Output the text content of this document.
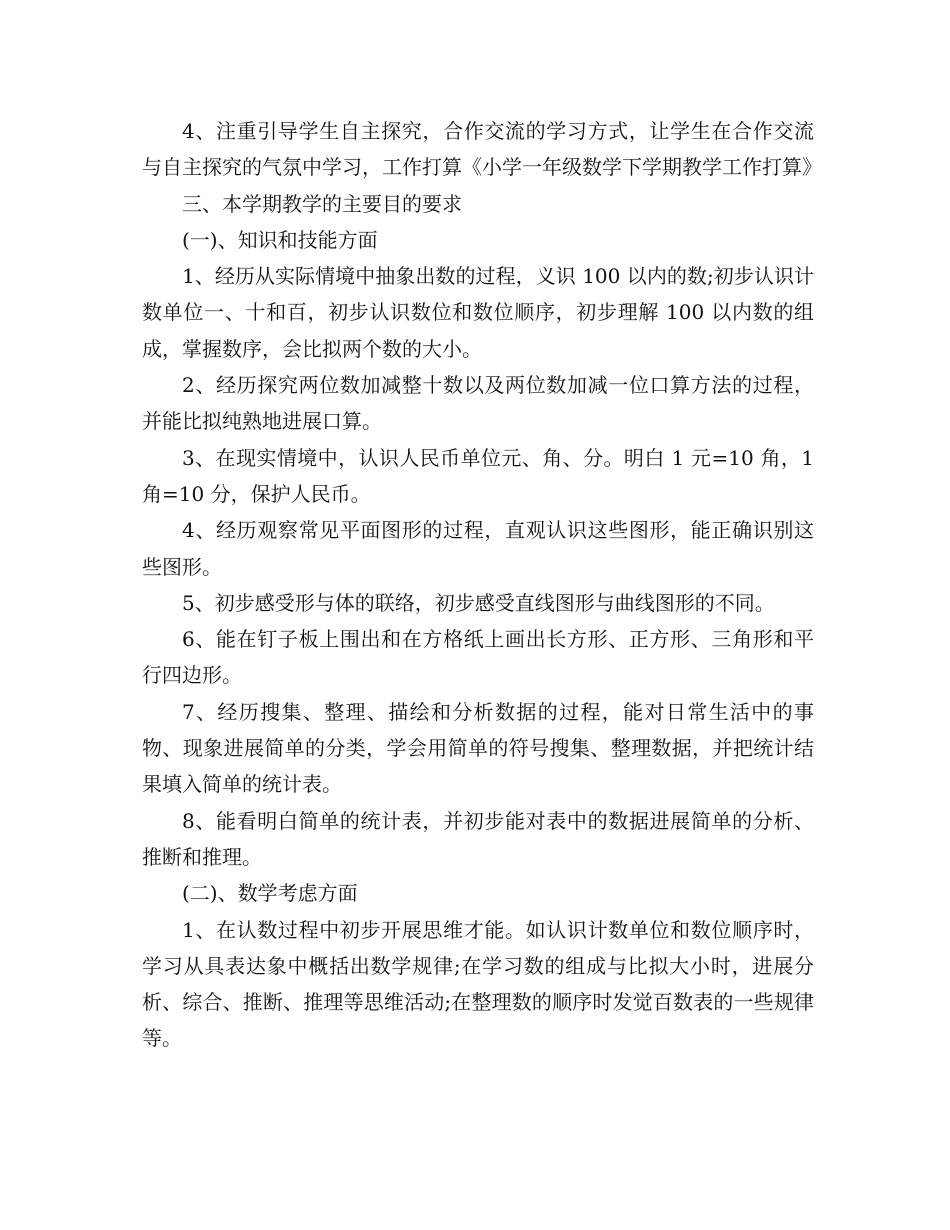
4、注重引导学生自主探究，合作交流的学习方式，让学生在合作交流与自主探究的气氛中学习，工作打算《小学一年级数学下学期教学工作打算》

三、本学期教学的主要目的要求

(一)、知识和技能方面

1、经历从实际情境中抽象出数的过程，义识 100 以内的数;初步认识计数单位一、十和百，初步认识数位和数位顺序，初步理解 100 以内数的组成，掌握数序，会比拟两个数的大小。

2、经历探究两位数加减整十数以及两位数加减一位口算方法的过程，并能比拟纯熟地进展口算。

3、在现实情境中，认识人民币单位元、角、分。明白 1 元=10 角，1 角=10 分，保护人民币。

4、经历观察常见平面图形的过程，直观认识这些图形，能正确识别这些图形。

5、初步感受形与体的联络，初步感受直线图形与曲线图形的不同。

6、能在钉子板上围出和在方格纸上画出长方形、正方形、三角形和平行四边形。

7、经历搜集、整理、描绘和分析数据的过程，能对日常生活中的事物、现象进展简单的分类，学会用简单的符号搜集、整理数据，并把统计结果填入简单的统计表。

8、能看明白简单的统计表，并初步能对表中的数据进展简单的分析、推断和推理。

(二)、数学考虑方面

1、在认数过程中初步开展思维才能。如认识计数单位和数位顺序时，学习从具表达象中概括出数学规律;在学习数的组成与比拟大小时，进展分析、综合、推断、推理等思维活动;在整理数的顺序时发觉百数表的一些规律等。
